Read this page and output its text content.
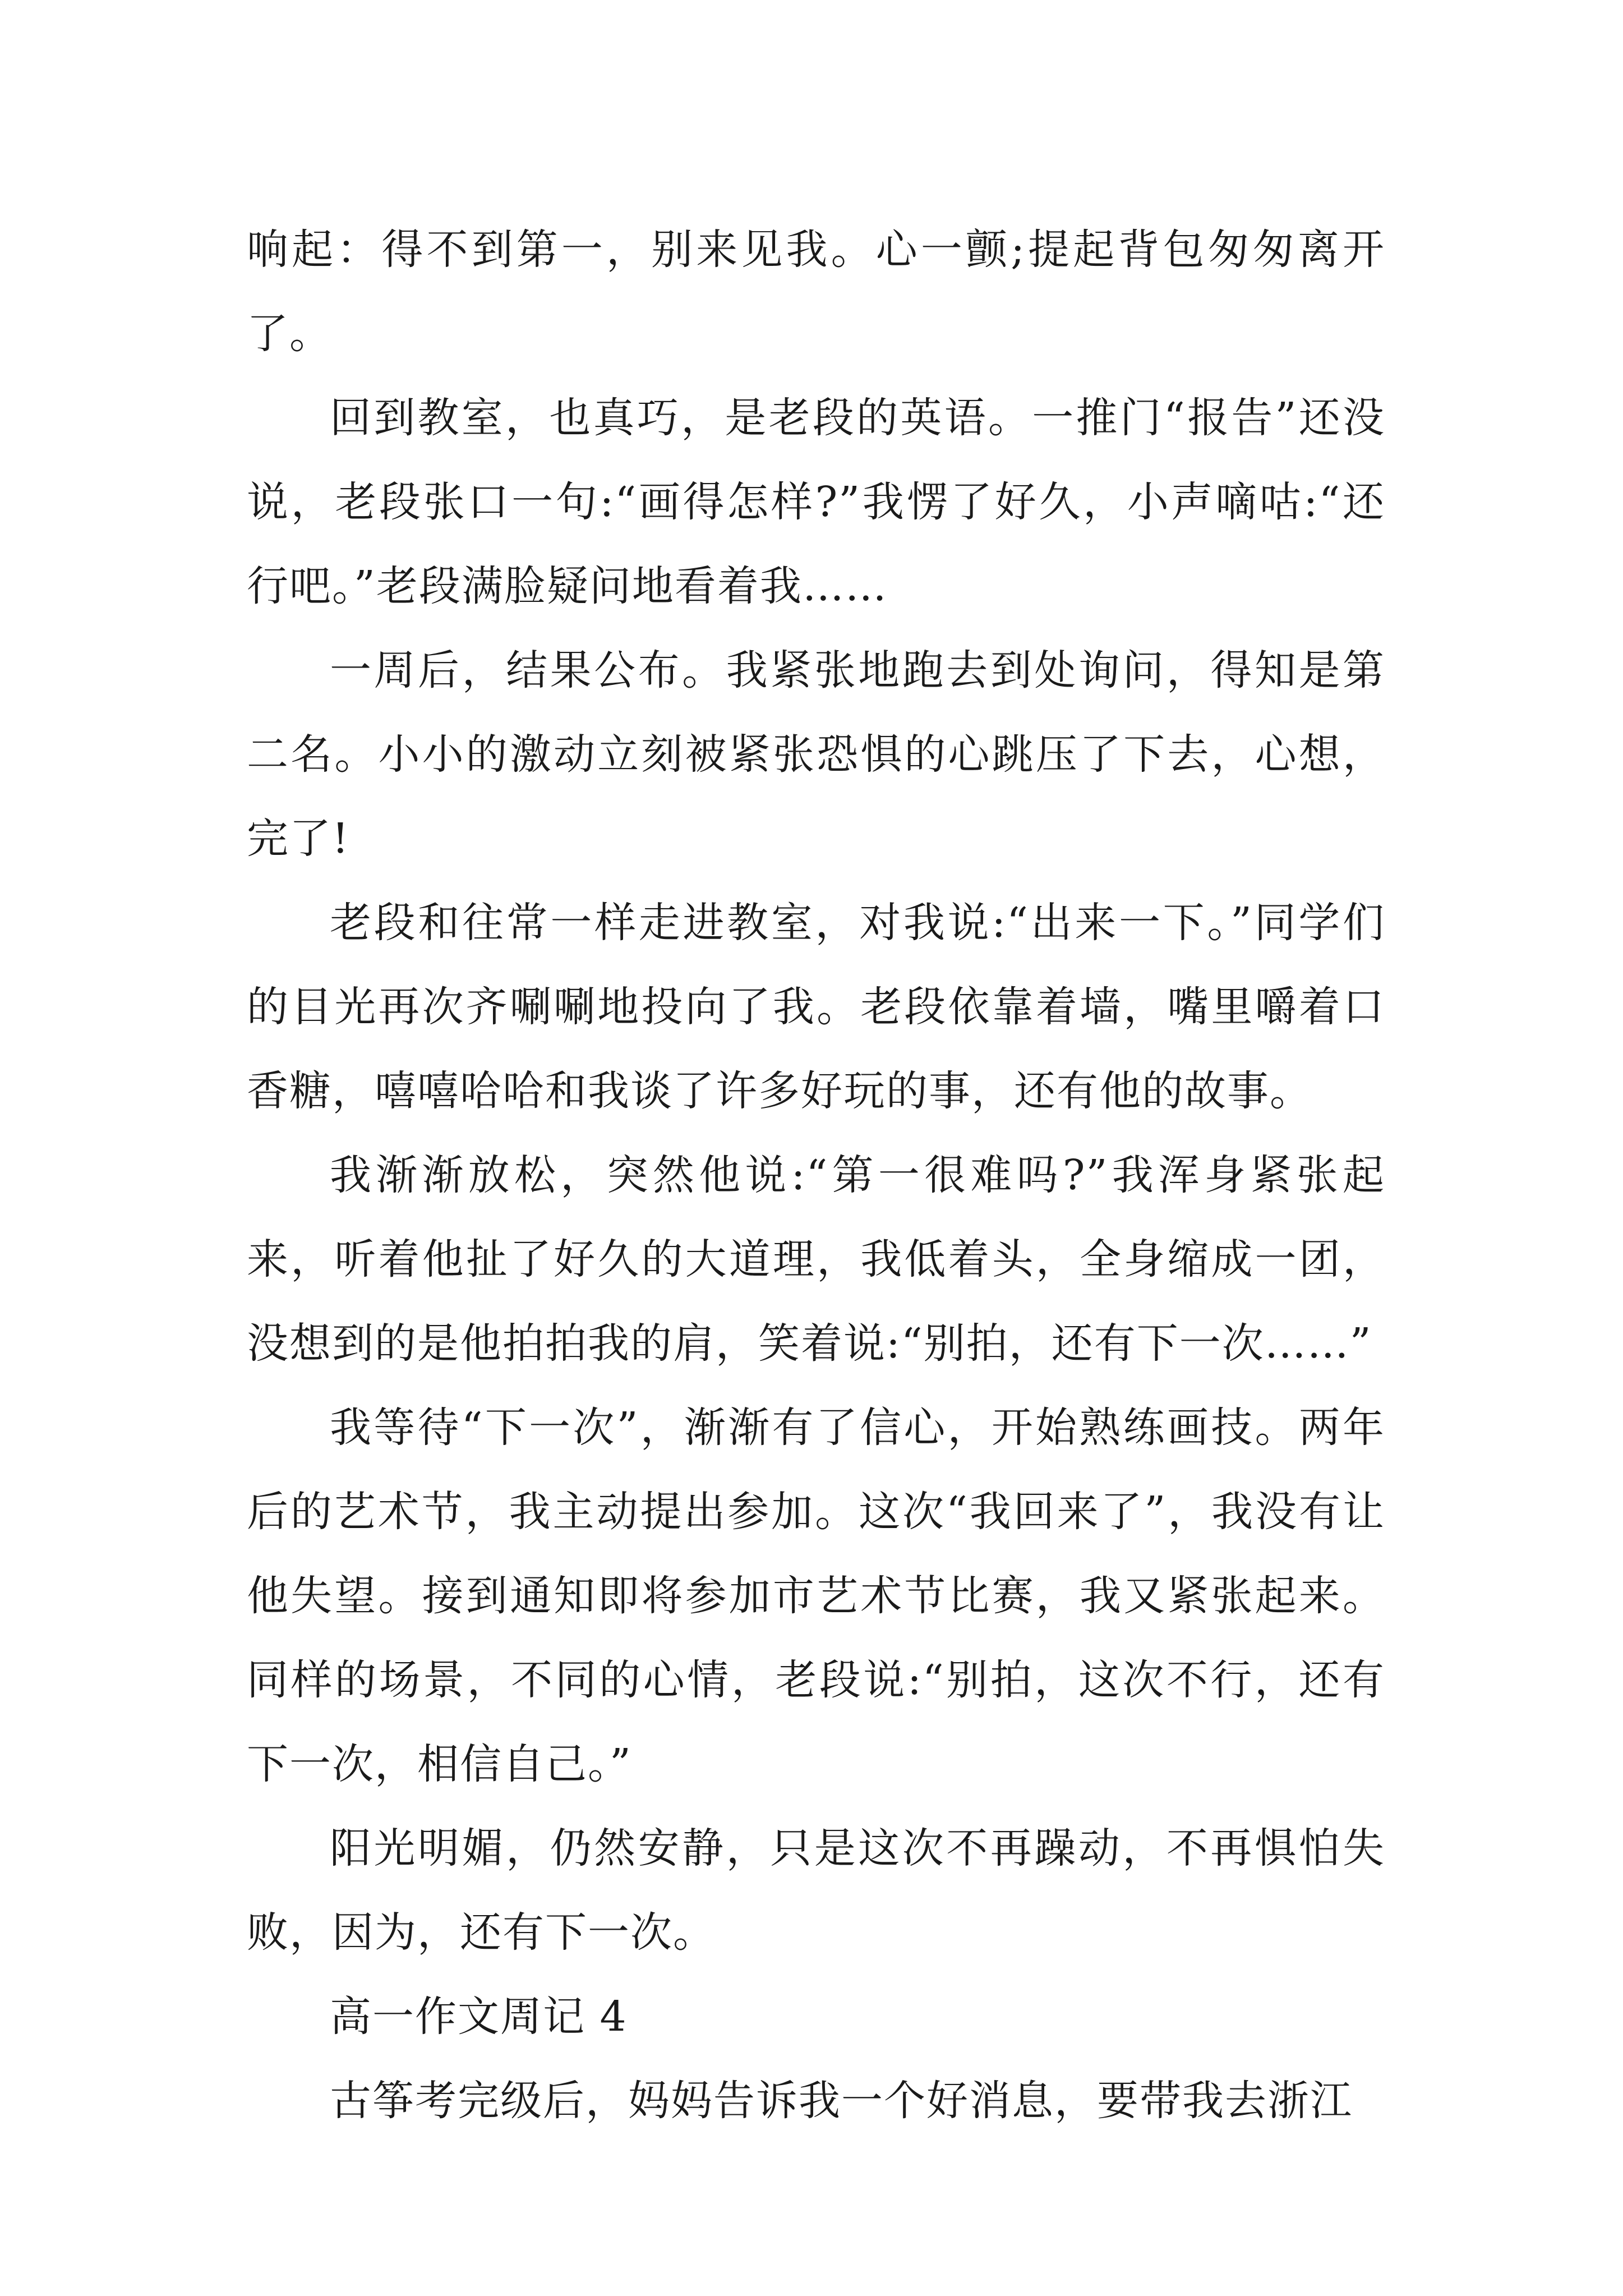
响起：得不到第一，别来见我。心一颤;提起背包匆匆离开了。

回到教室，也真巧，是老段的英语。一推门“报告”还没说，老段张口一句:“画得怎样?”我愣了好久，小声嘀咕:“还行吧。”老段满脸疑问地看着我……

一周后，结果公布。我紧张地跑去到处询问，得知是第二名。小小的激动立刻被紧张恐惧的心跳压了下去，心想，完了!

老段和往常一样走进教室，对我说:“出来一下。”同学们的目光再次齐唰唰地投向了我。老段依靠着墙，嘴里嚼着口香糖，嘻嘻哈哈和我谈了许多好玩的事，还有他的故事。

我渐渐放松，突然他说:“第一很难吗?”我浑身紧张起来，听着他扯了好久的大道理，我低着头，全身缩成一团，没想到的是他拍拍我的肩，笑着说:“别拍，还有下一次……”

我等待“下一次”，渐渐有了信心，开始熟练画技。两年后的艺术节，我主动提出参加。这次“我回来了”，我没有让他失望。接到通知即将参加市艺术节比赛，我又紧张起来。同样的场景，不同的心情，老段说:“别拍，这次不行，还有下一次，相信自己。”

阳光明媚，仍然安静，只是这次不再躁动，不再惧怕失败，因为，还有下一次。

高一作文周记 4

古筝考完级后，妈妈告诉我一个好消息，要带我去浙江
